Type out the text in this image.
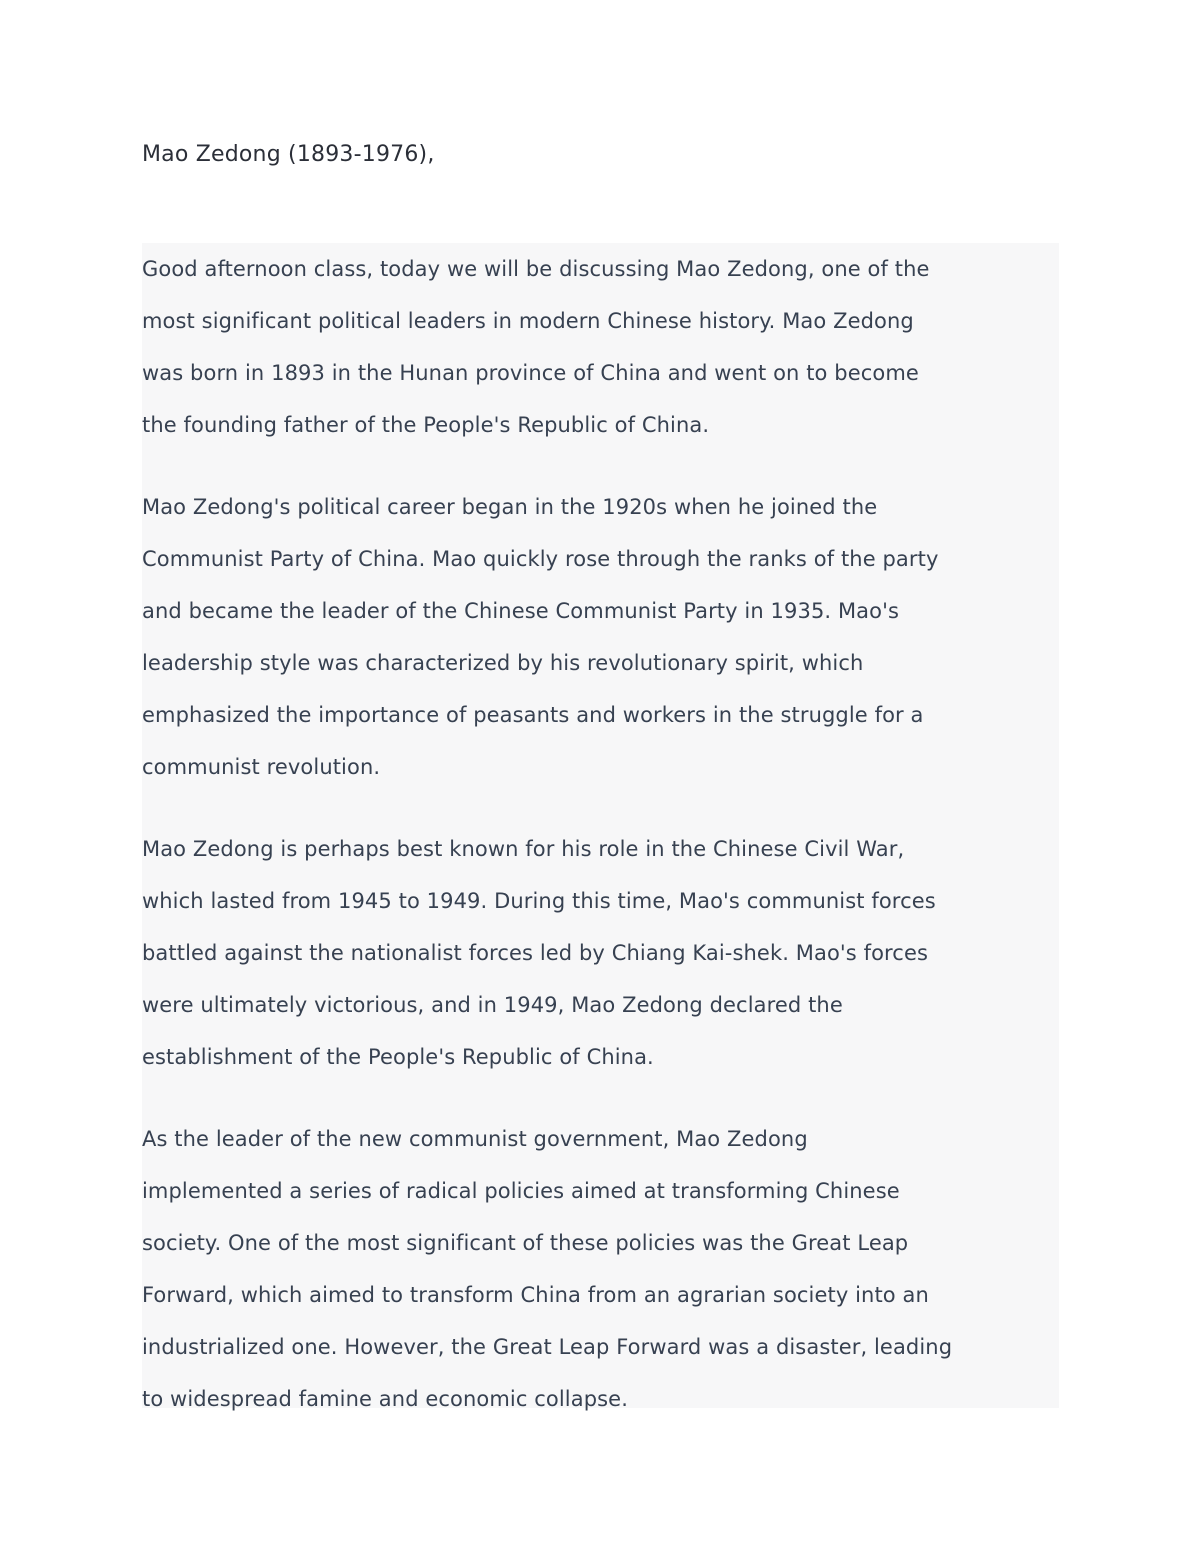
Mao Zedong (1893-1976),
Good afternoon class, today we will be discussing Mao Zedong, one of the
most significant political leaders in modern Chinese history. Mao Zedong
was born in 1893 in the Hunan province of China and went on to become
the founding father of the People's Republic of China.
Mao Zedong's political career began in the 1920s when he joined the
Communist Party of China. Mao quickly rose through the ranks of the party
and became the leader of the Chinese Communist Party in 1935. Mao's
leadership style was characterized by his revolutionary spirit, which
emphasized the importance of peasants and workers in the struggle for a
communist revolution.
Mao Zedong is perhaps best known for his role in the Chinese Civil War,
which lasted from 1945 to 1949. During this time, Mao's communist forces
battled against the nationalist forces led by Chiang Kai-shek. Mao's forces
were ultimately victorious, and in 1949, Mao Zedong declared the
establishment of the People's Republic of China.
As the leader of the new communist government, Mao Zedong
implemented a series of radical policies aimed at transforming Chinese
society. One of the most significant of these policies was the Great Leap
Forward, which aimed to transform China from an agrarian society into an
industrialized one. However, the Great Leap Forward was a disaster, leading
to widespread famine and economic collapse.
